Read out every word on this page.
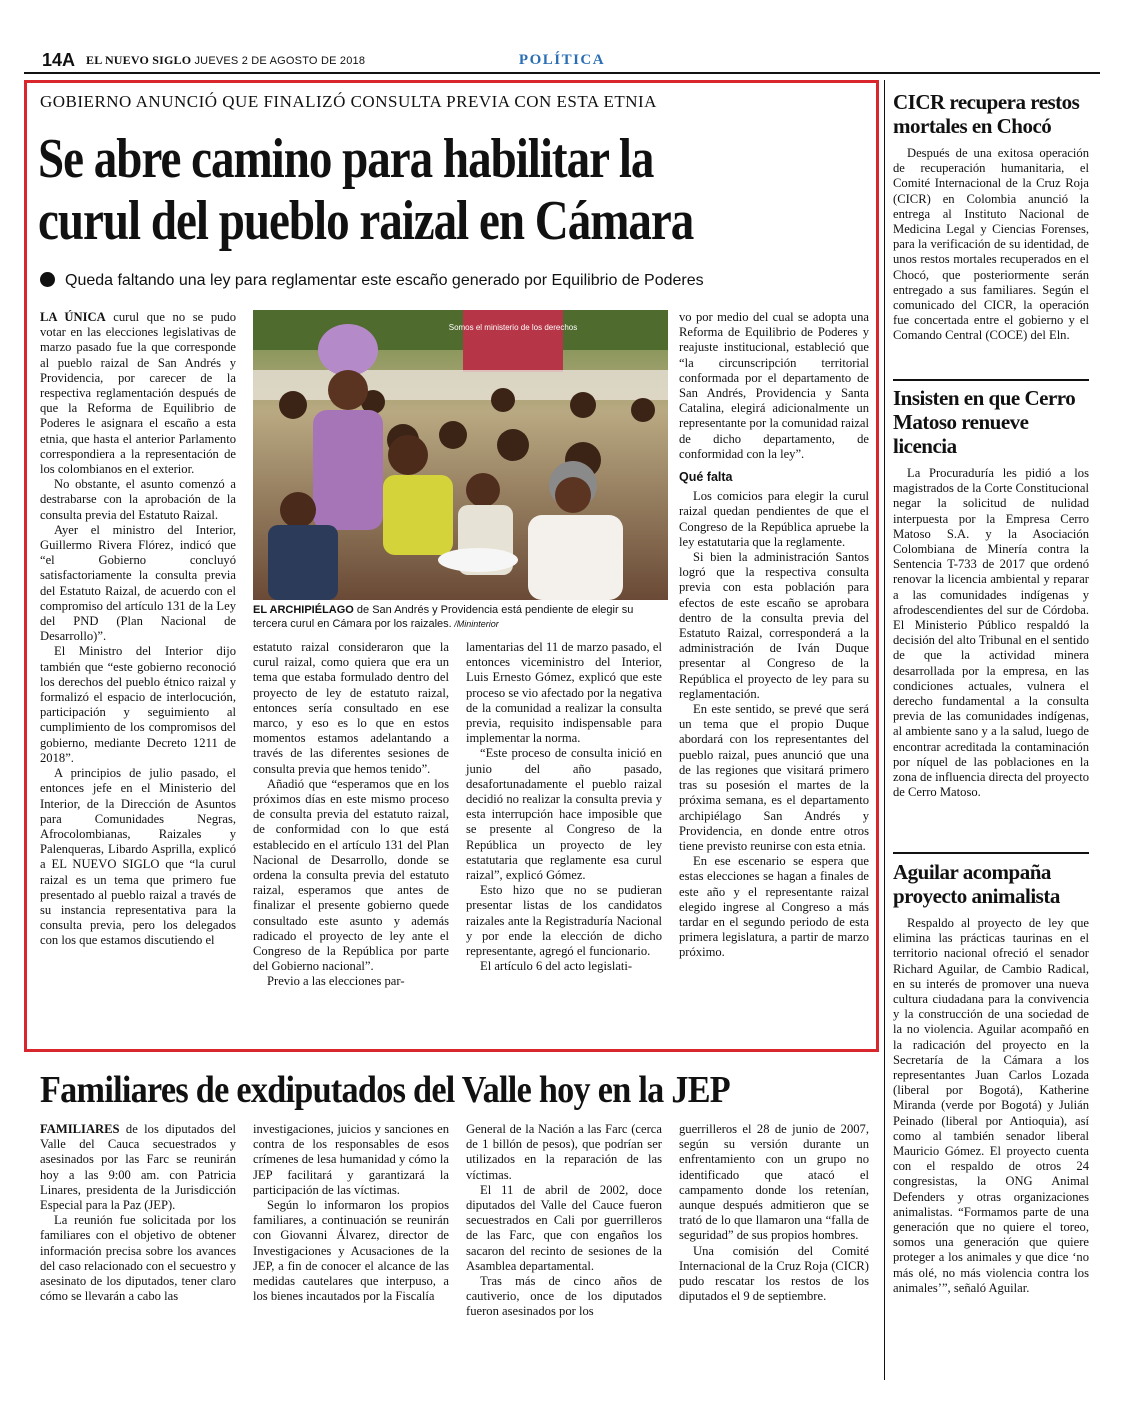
14A EL NUEVO SIGLO JUEVES 2 DE AGOSTO DE 2018	POLÍTICA
GOBIERNO ANUNCIÓ QUE FINALIZÓ CONSULTA PREVIA CON ESTA ETNIA
Se abre camino para habilitar la
curul del pueblo raizal en Cámara
Queda faltando una ley para reglamentar este escaño generado por Equilibrio de Poderes

LA ÚNICA curul que no se pudo votar en las elecciones legislativas de marzo pasado fue la que corresponde al pueblo raizal de San Andrés y Providencia, por carecer de la respectiva reglamentación después de que la Reforma de Equilibrio de Poderes le asignara el escaño a esta etnia, que hasta el anterior Parlamento correspondiera a la representación de los colombianos en el exterior.

No obstante, el asunto comenzó a destrabarse con la aprobación de la consulta previa del Estatuto Raizal.

Ayer el ministro del Interior, Guillermo Rivera Flórez, indicó que “el Gobierno concluyó satisfactoriamente la consulta previa del Estatuto Raizal, de acuerdo con el compromiso del artículo 131 de la Ley del PND (Plan Nacional de Desarrollo)”.

El Ministro del Interior dijo también que “este gobierno reconoció los derechos del pueblo étnico raizal y formalizó el espacio de interlocución, participación y seguimiento al cumplimiento de los compromisos del gobierno, mediante Decreto 1211 de 2018”.

A principios de julio pasado, el entonces jefe en el Ministerio del Interior, de la Dirección de Asuntos para Comunidades Negras, Afrocolombianas, Raizales y Palenqueras, Libardo Asprilla, explicó a EL NUEVO SIGLO que “la curul raizal es un tema que primero fue presentado al pueblo raizal a través de su instancia representativa para la consulta previa, pero los delegados con los que estamos discutiendo el

Somos el ministerio de los derechos
EL ARCHIPIÉLAGO de San Andrés y Providencia está pendiente de elegir su tercera curul en Cámara por los raizales. /Mininterior

estatuto raizal consideraron que la curul raizal, como quiera que era un tema que estaba formulado dentro del proyecto de ley de estatuto raizal, entonces sería consultado en ese marco, y eso es lo que en estos momentos estamos adelantando a través de las diferentes sesiones de consulta previa que hemos tenido”.

Añadió que “esperamos que en los próximos días en este mismo proceso de consulta previa del estatuto raizal, de conformidad con lo que está establecido en el artículo 131 del Plan Nacional de Desarrollo, donde se ordena la consulta previa del estatuto raizal, esperamos que antes de finalizar el presente gobierno quede consultado este asunto y además radicado el proyecto de ley ante el Congreso de la República por parte del Gobierno nacional”.

Previo a las elecciones par-

lamentarias del 11 de marzo pasado, el entonces viceministro del Interior, Luis Ernesto Gómez, explicó que este proceso se vio afectado por la negativa de la comunidad a realizar la consulta previa, requisito indispensable para implementar la norma.

“Este proceso de consulta inició en junio del año pasado, desafortunadamente el pueblo raizal decidió no realizar la consulta previa y esta interrupción hace imposible que se presente al Congreso de la República un proyecto de ley estatutaria que reglamente esa curul raizal”, explicó Gómez.

Esto hizo que no se pudieran presentar listas de los candidatos raizales ante la Registraduría Nacional y por ende la elección de dicho representante, agregó el funcionario.

El artículo 6 del acto legislati-

vo por medio del cual se adopta una Reforma de Equilibrio de Poderes y reajuste institucional, estableció que “la circunscripción territorial conformada por el departamento de San Andrés, Providencia y Santa Catalina, elegirá adicionalmente un representante por la comunidad raizal de dicho departamento, de conformidad con la ley”.

Qué falta

Los comicios para elegir la curul raizal quedan pendientes de que el Congreso de la República apruebe la ley estatutaria que la reglamente.

Si bien la administración Santos logró que la respectiva consulta previa con esta población para efectos de este escaño se aprobara dentro de la consulta previa del Estatuto Raizal, corresponderá a la administración de Iván Duque presentar al Congreso de la República el proyecto de ley para su reglamentación.

En este sentido, se prevé que será un tema que el propio Duque abordará con los representantes del pueblo raizal, pues anunció que una de las regiones que visitará primero tras su posesión el martes de la próxima semana, es el departamento archipiélago San Andrés y Providencia, en donde entre otros tiene previsto reunirse con esta etnia.

En ese escenario se espera que estas elecciones se hagan a finales de este año y el representante raizal elegido ingrese al Congreso a más tardar en el segundo periodo de esta primera legislatura, a partir de marzo próximo.

CICR recupera restos mortales en Chocó

Después de una exitosa operación de recuperación humanitaria, el Comité Internacional de la Cruz Roja (CICR) en Colombia anunció la entrega al Instituto Nacional de Medicina Legal y Ciencias Forenses, para la verificación de su identidad, de unos restos mortales recuperados en el Chocó, que posteriormente serán entregado a sus familiares. Según el comunicado del CICR, la operación fue concertada entre el gobierno y el Comando Central (COCE) del Eln.

Insisten en que Cerro Matoso renueve licencia

La Procuraduría les pidió a los magistrados de la Corte Constitucional negar la solicitud de nulidad interpuesta por la Empresa Cerro Matoso S.A. y la Asociación Colombiana de Minería contra la Sentencia T-733 de 2017 que ordenó renovar la licencia ambiental y reparar a las comunidades indígenas y afrodescendientes del sur de Córdoba. El Ministerio Público respaldó la decisión del alto Tribunal en el sentido de que la actividad minera desarrollada por la empresa, en las condiciones actuales, vulnera el derecho fundamental a la consulta previa de las comunidades indígenas, al ambiente sano y a la salud, luego de encontrar acreditada la contaminación por níquel de las poblaciones en la zona de influencia directa del proyecto de Cerro Matoso.

Aguilar acompaña proyecto animalista

Respaldo al proyecto de ley que elimina las prácticas taurinas en el territorio nacional ofreció el senador Richard Aguilar, de Cambio Radical, en su interés de promover una nueva cultura ciudadana para la convivencia y la construcción de una sociedad de la no violencia. Aguilar acompañó en la radicación del proyecto en la Secretaría de la Cámara a los representantes Juan Carlos Lozada (liberal por Bogotá), Katherine Miranda (verde por Bogotá) y Julián Peinado (liberal por Antioquia), así como al también senador liberal Mauricio Gómez. El proyecto cuenta con el respaldo de otros 24 congresistas, la ONG Animal Defenders y otras organizaciones animalistas. “Formamos parte de una generación que no quiere el toreo, somos una generación que quiere proteger a los animales y que dice ‘no más olé, no más violencia contra los animales’”, señaló Aguilar.

Familiares de exdiputados del Valle hoy en la JEP

FAMILIARES de los diputados del Valle del Cauca secuestrados y asesinados por las Farc se reunirán hoy a las 9:00 am. con Patricia Linares, presidenta de la Jurisdicción Especial para la Paz (JEP).

La reunión fue solicitada por los familiares con el objetivo de obtener información precisa sobre los avances del caso relacionado con el secuestro y asesinato de los diputados, tener claro cómo se llevarán a cabo las

investigaciones, juicios y sanciones en contra de los responsables de esos crímenes de lesa humanidad y cómo la JEP facilitará y garantizará la participación de las víctimas.

Según lo informaron los propios familiares, a continuación se reunirán con Giovanni Álvarez, director de Investigaciones y Acusaciones de la JEP, a fin de conocer el alcance de las medidas cautelares que interpuso, a los bienes incautados por la Fiscalía

General de la Nación a las Farc (cerca de 1 billón de pesos), que podrían ser utilizados en la reparación de las víctimas.

El 11 de abril de 2002, doce diputados del Valle del Cauce fueron secuestrados en Cali por guerrilleros de las Farc, que con engaños los sacaron del recinto de sesiones de la Asamblea departamental.

Tras más de cinco años de cautiverio, once de los diputados fueron asesinados por los

guerrilleros el 28 de junio de 2007, según su versión durante un enfrentamiento con un grupo no identificado que atacó el campamento donde los retenían, aunque después admitieron que se trató de lo que llamaron una “falla de seguridad” de sus propios hombres.

Una comisión del Comité Internacional de la Cruz Roja (CICR) pudo rescatar los restos de los diputados el 9 de septiembre.
